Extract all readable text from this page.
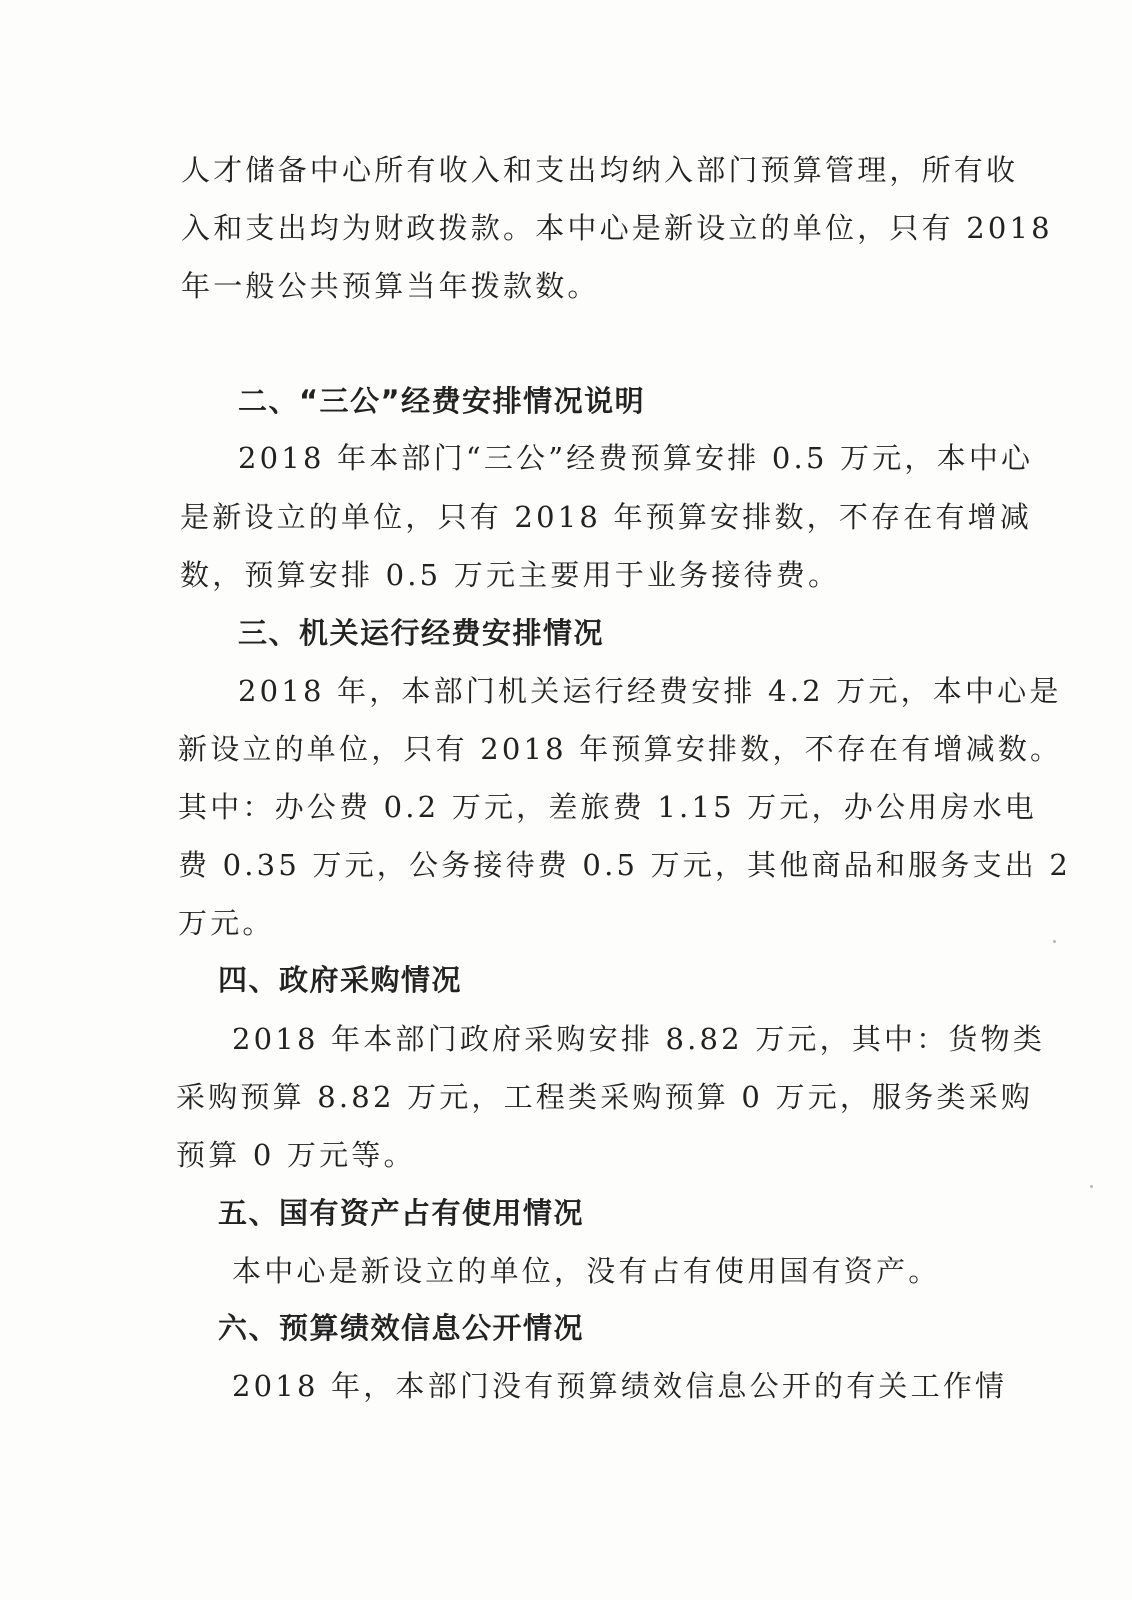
人才储备中心所有收入和支出均纳入部门预算管理，所有收
入和支出均为财政拨款。本中心是新设立的单位，只有 2018
年一般公共预算当年拨款数。
二、“三公”经费安排情况说明
2018 年本部门“三公”经费预算安排 0.5 万元，本中心
是新设立的单位，只有 2018 年预算安排数，不存在有增减
数，预算安排 0.5 万元主要用于业务接待费。
三、机关运行经费安排情况
2018 年，本部门机关运行经费安排 4.2 万元，本中心是
新设立的单位，只有 2018 年预算安排数，不存在有增减数。
其中：办公费 0.2 万元，差旅费 1.15 万元，办公用房水电
费 0.35 万元，公务接待费 0.5 万元，其他商品和服务支出 2
万元。
四、政府采购情况
2018 年本部门政府采购安排 8.82 万元，其中：货物类
采购预算 8.82 万元，工程类采购预算 0 万元，服务类采购
预算 0 万元等。
五、国有资产占有使用情况
本中心是新设立的单位，没有占有使用国有资产。
六、预算绩效信息公开情况
2018 年，本部门没有预算绩效信息公开的有关工作情
